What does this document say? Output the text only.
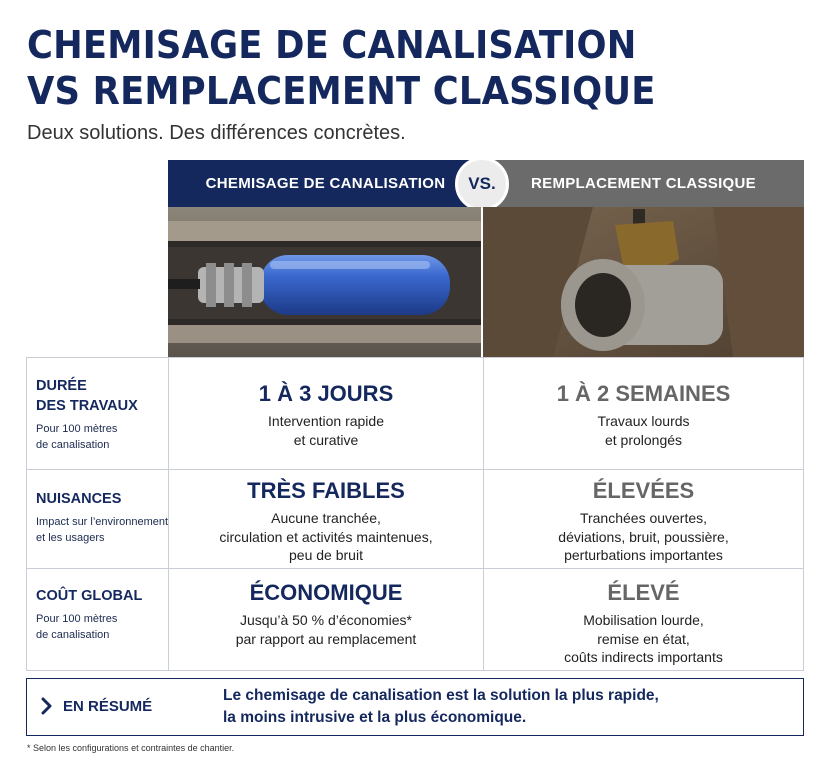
CHEMISAGE DE CANALISATION
VS REMPLACEMENT CLASSIQUE
Deux solutions. Des différences concrètes.
CHEMISAGE DE CANALISATION	REMPLACEMENT CLASSIQUE
VS.
DURÉE
DES TRAVAUX
Pour 100 mètres
de canalisation
1 À 3 JOURS
Intervention rapide
et curative
1 À 2 SEMAINES
Travaux lourds
et prolongés
NUISANCES
Impact sur l’environnement
et les usagers
TRÈS FAIBLES
Aucune tranchée,
circulation et activités maintenues,
peu de bruit
ÉLEVÉES
Tranchées ouvertes,
déviations, bruit, poussière,
perturbations importantes
COÛT GLOBAL
Pour 100 mètres
de canalisation
ÉCONOMIQUE
Jusqu’à 50 % d’économies*
par rapport au remplacement
ÉLEVÉ
Mobilisation lourde,
remise en état,
coûts indirects importants
EN RÉSUMÉ
Le chemisage de canalisation est la solution la plus rapide,
la moins intrusive et la plus économique.
* Selon les configurations et contraintes de chantier.
